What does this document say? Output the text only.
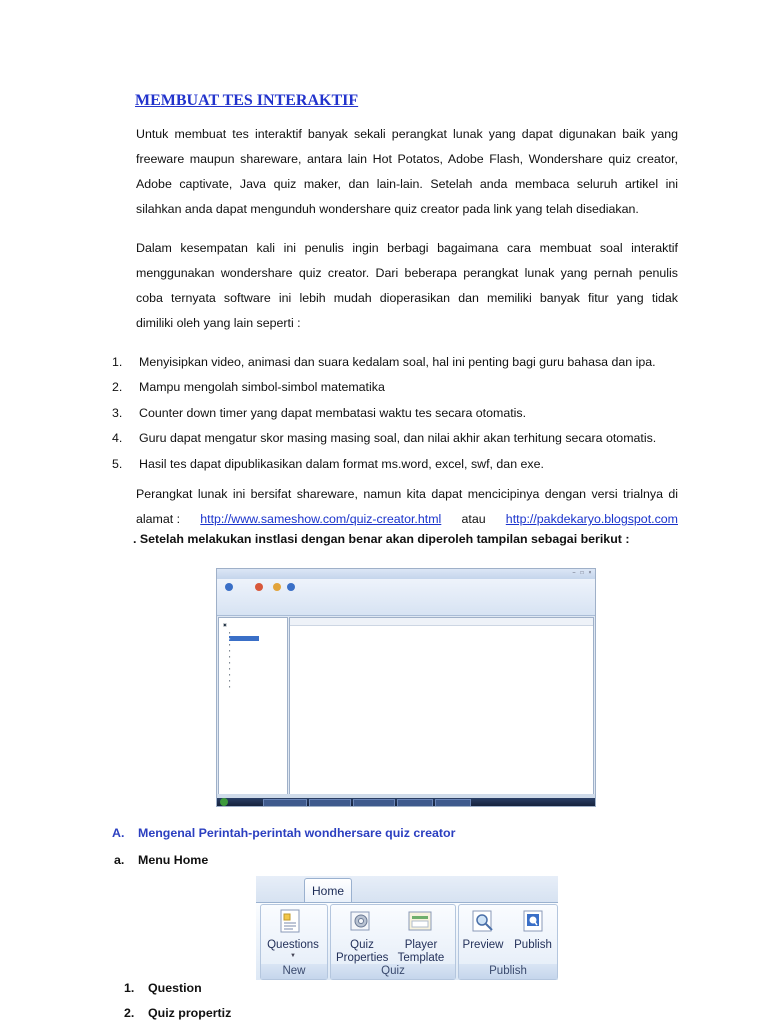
MEMBUAT TES INTERAKTIF
Untuk membuat tes interaktif banyak sekali perangkat lunak yang dapat digunakan baik yang
freeware maupun shareware, antara lain Hot Potatos, Adobe Flash, Wondershare quiz creator,
Adobe captivate, Java quiz maker, dan lain-lain. Setelah anda membaca seluruh artikel ini
silahkan anda dapat mengunduh wondershare quiz creator pada link yang telah disediakan.
Dalam kesempatan kali ini penulis ingin berbagi bagaimana cara membuat soal interaktif
menggunakan wondershare quiz creator. Dari beberapa perangkat lunak yang pernah penulis
coba ternyata software ini lebih mudah dioperasikan dan memiliki banyak fitur yang tidak
dimiliki oleh yang lain seperti :
1. Menyisipkan video, animasi dan suara kedalam soal, hal ini penting bagi guru bahasa dan ipa.
2. Mampu mengolah simbol-simbol matematika
3. Counter down timer yang dapat membatasi waktu tes secara otomatis.
4. Guru dapat mengatur skor masing masing soal, dan nilai akhir akan terhitung secara otomatis.
5. Hasil tes dapat dipublikasikan dalam format ms.word, excel, swf, dan exe.
Perangkat lunak ini bersifat shareware, namun kita dapat mencicipinya dengan versi trialnya di
alamat : http://www.sameshow.com/quiz-creator.html atau http://pakdekaryo.blogspot.com
. Setelah melakukan instlasi dengan benar akan diperoleh tampilan sebagai berikut :
–	□	×
▣
▪
▪
▪
▪
▪
▪
▪
▪
▪
▪
A. Mengenal Perintah-perintah wondhersare quiz creator
a. Menu Home
Home
New
Questions
▼
Quiz
Quiz
Properties
Player
Template
Publish
Preview Publish
1. Question
2. Quiz propertiz
